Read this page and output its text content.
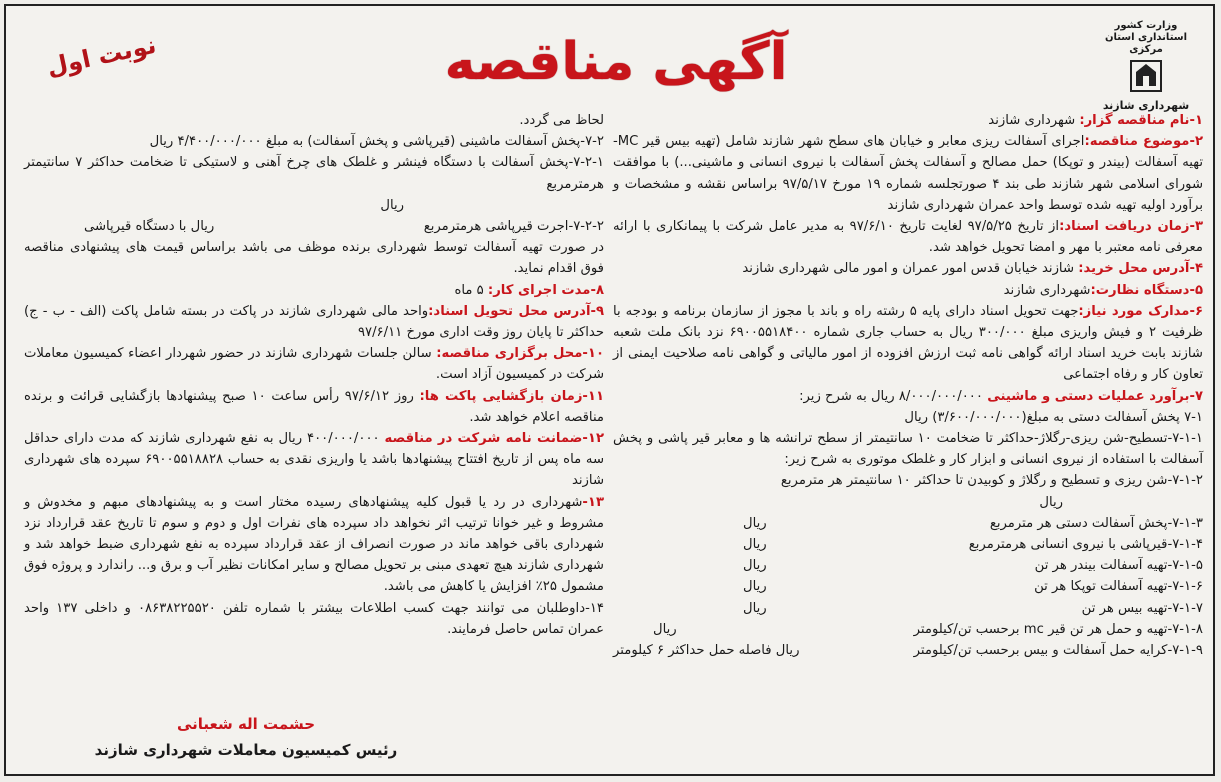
نوبت اول	آگهی مناقصه
وزارت کشور
استانداری استان مرکزی
شهرداری شازند

۱-نام مناقصه گزار: شهرداری شازند

۲-موضوع مناقصه:اجرای آسفالت ریزی معابر و خیابان های سطح شهر شازند شامل (تهیه بیس قیر MC- تهیه آسفالت (بیندر و توپکا) حمل مصالح و آسفالت پخش آسفالت با نیروی انسانی و ماشینی...) با موافقت شورای اسلامی شهر شازند طی بند ۴ صورتجلسه شماره ۱۹ مورخ ۹۷/۵/۱۷ براساس نقشه و مشخصات و برآورد اولیه تهیه شده توسط واحد عمران شهرداری شازند

۳-زمان دریافت اسناد:از تاریخ ۹۷/۵/۲۵ لغایت تاریخ ۹۷/۶/۱۰ به مدیر عامل شرکت با پیمانکاری با ارائه معرفی نامه معتبر با مهر و امضا تحویل خواهد شد.

۴-آدرس محل خرید: شازند خیابان قدس امور عمران و امور مالی شهرداری شازند

۵-دستگاه نظارت:شهرداری شازند

۶-مدارک مورد نیاز:جهت تحویل اسناد دارای پایه ۵ رشته راه و باند با مجوز از سازمان برنامه و بودجه با ظرفیت ۲ و فیش واریزی مبلغ ۳۰۰/۰۰۰ ریال به حساب جاری شماره ۶۹۰۰۵۵۱۸۴۰۰ نزد بانک ملت شعبه شازند بابت خرید اسناد ارائه گواهی نامه ثبت ارزش افزوده از امور مالیاتی و گواهی نامه صلاحیت ایمنی از تعاون کار و رفاه اجتماعی

۷-برآورد عملیات دستی و ماشینی ۸/۰۰۰/۰۰۰/۰۰۰ ریال به شرح زیر:

۷-۱ پخش آسفالت دستی به مبلغ(۳/۶۰۰/۰۰۰/۰۰۰) ریال

۷-۱-۱-تسطیح-شن ریزی-رگلاژ-حداکثر تا ضخامت ۱۰ سانتیمتر از سطح ترانشه ها و معابر قیر پاشی و پخش آسفالت با استفاده از نیروی انسانی و ابزار کار و غلطک موتوری به شرح زیر:

۷-۱-۲-شن ریزی و تسطیح و رگلاژ و کوبیدن تا حداکثر ۱۰ سانتیمتر هر مترمربع

ریال

۷-۱-۳-پخش آسفالت دستی هر مترمربع
ریال
۷-۱-۴-قیرپاشی با نیروی انسانی هرمترمربع
ریال
۷-۱-۵-تهیه آسفالت بیندر هر تن
ریال
۷-۱-۶-تهیه آسفالت توپکا هر تن
ریال
۷-۱-۷-تهیه بیس هر تن
ریال
۷-۱-۸-تهیه و حمل هر تن قیر mc برحسب تن/کیلومتر
ریال
۷-۱-۹-کرایه حمل آسفالت و بیس برحسب تن/کیلومتر
ریال فاصله حمل حداکثر ۶ کیلومتر

لحاظ می گردد.

۷-۲-پخش آسفالت ماشینی (قیرپاشی و پخش آسفالت) به مبلغ ۴/۴۰۰/۰۰۰/۰۰۰ ریال

۷-۲-۱-پخش آسفالت با دستگاه فینشر و غلطک های چرخ آهنی و لاستیکی تا ضخامت حداکثر ۷ سانتیمتر هرمترمربع

ریال

۷-۲-۲-اجرت قیرپاشی هرمترمربع
ریال با دستگاه قیرپاشی

در صورت تهیه آسفالت توسط شهرداری برنده موظف می باشد براساس قیمت های پیشنهادی مناقصه فوق اقدام نماید.

۸-مدت اجرای کار: ۵ ماه

۹-آدرس محل تحویل اسناد:واحد مالی شهرداری شازند در پاکت در بسته شامل پاکت (الف - ب - ج) حداکثر تا پایان روز وقت اداری مورخ ۹۷/۶/۱۱

۱۰-محل برگزاری مناقصه: سالن جلسات شهرداری شازند در حضور شهردار اعضاء کمیسیون معاملات شرکت در کمیسیون آزاد است.

۱۱-زمان بازگشایی پاکت ها: روز ۹۷/۶/۱۲ رأس ساعت ۱۰ صبح پیشنهادها بازگشایی قرائت و برنده مناقصه اعلام خواهد شد.

۱۲-ضمانت نامه شرکت در مناقصه ۴۰۰/۰۰۰/۰۰۰ ریال به نفع شهرداری شازند که مدت دارای حداقل سه ماه پس از تاریخ افتتاح پیشنهادها باشد یا واریزی نقدی به حساب ۶۹۰۰۵۵۱۸۸۲۸ سپرده های شهرداری شازند

۱۳-شهرداری در رد یا قبول کلیه پیشنهادهای رسیده مختار است و به پیشنهادهای مبهم و مخدوش و مشروط و غیر خوانا ترتیب اثر نخواهد داد سپرده های نفرات اول و دوم و سوم تا تاریخ عقد قرارداد نزد شهرداری باقی خواهد ماند در صورت انصراف از عقد قرارداد سپرده به نفع شهرداری ضبط خواهد شد و شهرداری شازند هیچ تعهدی مبنی بر تحویل مصالح و سایر امکانات نظیر آب و برق و... راندارد و پروژه فوق مشمول ۲۵٪ افزایش یا کاهش می باشد.

۱۴-داوطلبان می توانند جهت کسب اطلاعات بیشتر با شماره تلفن ۰۸۶۳۸۲۲۵۵۲۰ و داخلی ۱۳۷ واحد عمران تماس حاصل فرمایند.

حشمت اله شعبانی
رئیس کمیسیون معاملات شهرداری شازند
